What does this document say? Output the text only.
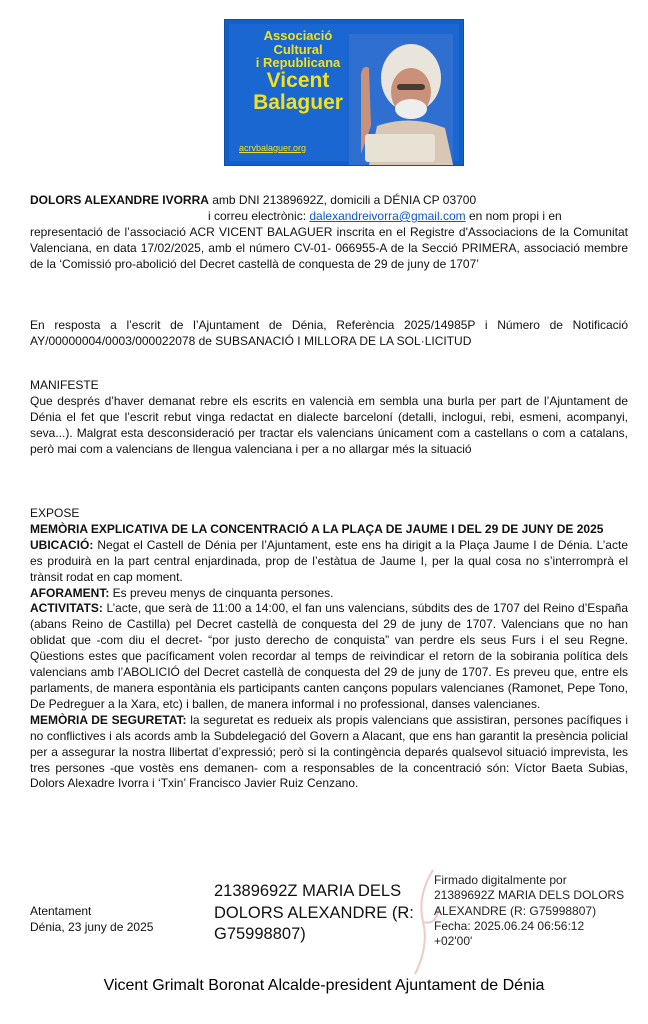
Associació
Cultural
i Republicana
Vicent
Balaguer
acrvbalaguer.org

DOLORS ALEXANDRE IVORRA amb DNI 21389692Z, domicili a DÉNIA CP 03700

i correu electrònic: dalexandreivorra@gmail.com en nom propi i en

representació de l’associació ACR VICENT BALAGUER inscrita en el Registre d'Associacions de la Comunitat Valenciana, en data 17/02/2025, amb el número CV-01- 066955-A de la Secció PRIMERA, associació membre de la ‘Comissió pro-abolició del Decret castellà de conquesta de 29 de juny de 1707’

En resposta a l’escrit de l’Ajuntament de Dénia, Referència 2025/14985P i Número de Notificació AY/00000004/0003/000022078 de SUBSANACIÓ I MILLORA DE LA SOL·LICITUD

MANIFESTE

Que després d’haver demanat rebre els escrits en valencià em sembla una burla per part de l’Ajuntament de Dénia el fet que l’escrit rebut vinga redactat en dialecte barceloní (detalli, inclogui, rebi, esmeni, acompanyi, seva...). Malgrat esta desconsideració per tractar els valencians únicament com a castellans o com a catalans, però mai com a valencians de llengua valenciana i per a no allargar més la situació

EXPOSE

MEMÒRIA EXPLICATIVA DE LA CONCENTRACIÓ A LA PLAÇA DE JAUME I DEL 29 DE JUNY DE 2025

UBICACIÓ: Negat el Castell de Dénia per l’Ajuntament, este ens ha dirigit a la Plaça Jaume I de Dénia. L’acte es produirà en la part central enjardinada, prop de l’estàtua de Jaume I, per la qual cosa no s’interromprà el trànsit rodat en cap moment.

AFORAMENT: Es preveu menys de cinquanta persones.

ACTIVITATS: L’acte, que serà de 11:00 a 14:00, el fan uns valencians, súbdits des de 1707 del Reino d’España (abans Reino de Castilla) pel Decret castellà de conquesta del 29 de juny de 1707. Valencians que no han oblidat que -com diu el decret- “por justo derecho de conquista” van perdre els seus Furs i el seu Regne. Qüestions estes que pacíficament volen recordar al temps de reivindicar el retorn de la sobirania política dels valencians amb l’ABOLICIÓ del Decret castellà de conquesta del 29 de juny de 1707. Es preveu que, entre els parlaments, de manera espontània els participants canten cançons populars valencianes (Ramonet, Pepe Tono, De Pedreguer a la Xara, etc) i ballen, de manera informal i no professional, danses valencianes.

MEMÒRIA DE SEGURETAT: la seguretat es redueix als propis valencians que assistiran, persones pacífiques i no conflictives i als acords amb la Subdelegació del Govern a Alacant, que ens han garantit la presència policial per a assegurar la nostra llibertat d’expressió; però si la contingència deparés qualsevol situació imprevista, les tres persones -que vostès ens demanen- com a responsables de la concentració són: Víctor Baeta Subias, Dolors Alexadre Ivorra i ‘Txin’ Francisco Javier Ruiz Cenzano.

Atentament
Dénia, 23 juny de 2025
21389692Z MARIA DELS DOLORS ALEXANDRE (R: G75998807)
Firmado digitalmente por
21389692Z MARIA DELS DOLORS
ALEXANDRE (R: G75998807)
Fecha: 2025.06.24 06:56:12
+02'00'
Vicent Grimalt Boronat Alcalde-president Ajuntament de Dénia
